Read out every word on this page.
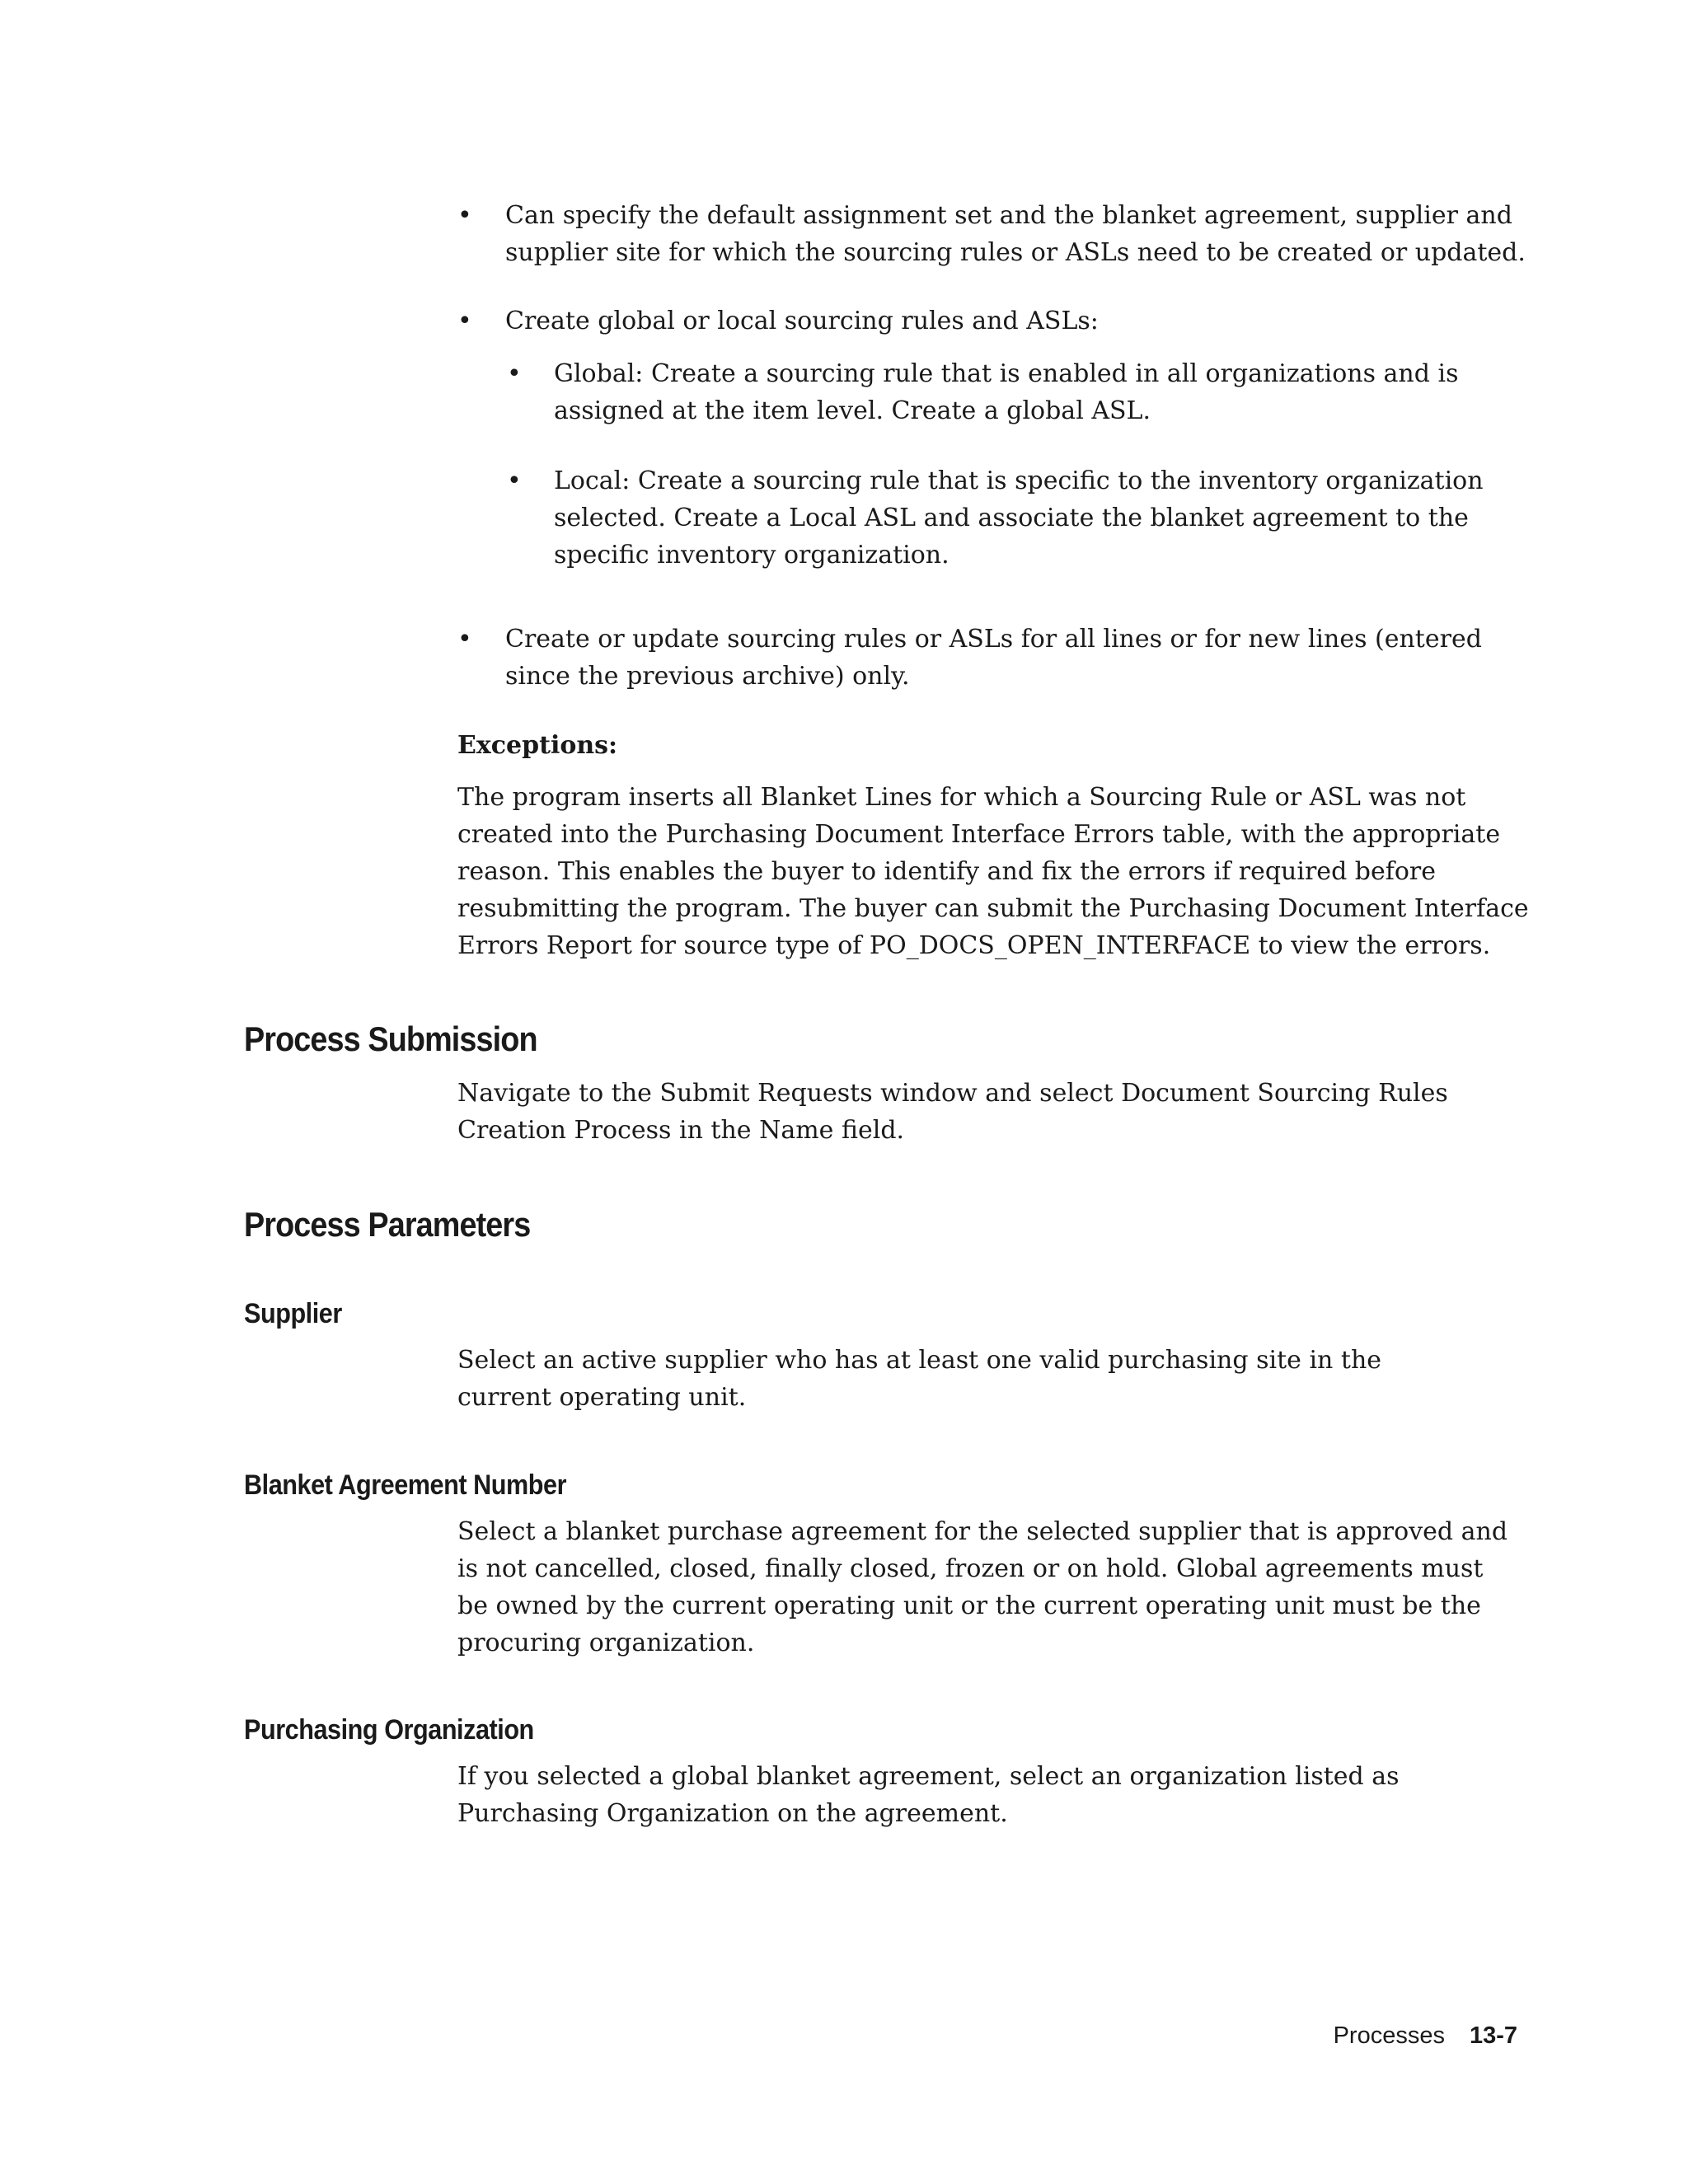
• Can specify the default assignment set and the blanket agreement, supplier and supplier site for which the sourcing rules or ASLs need to be created or updated.
• Create global or local sourcing rules and ASLs:
• Global: Create a sourcing rule that is enabled in all organizations and is assigned at the item level. Create a global ASL.
• Local: Create a sourcing rule that is specific to the inventory organization selected. Create a Local ASL and associate the blanket agreement to the specific inventory organization.
• Create or update sourcing rules or ASLs for all lines or for new lines (entered since the previous archive) only.
Exceptions:
The program inserts all Blanket Lines for which a Sourcing Rule or ASL was not created into the Purchasing Document Interface Errors table, with the appropriate reason. This enables the buyer to identify and fix the errors if required before resubmitting the program. The buyer can submit the Purchasing Document Interface Errors Report for source type of PO_DOCS_OPEN_INTERFACE to view the errors.
Process Submission
Navigate to the Submit Requests window and select Document Sourcing Rules Creation Process in the Name field.
Process Parameters
Supplier
Select an active supplier who has at least one valid purchasing site in the current operating unit.
Blanket Agreement Number
Select a blanket purchase agreement for the selected supplier that is approved and is not cancelled, closed, finally closed, frozen or on hold. Global agreements must be owned by the current operating unit or the current operating unit must be the procuring organization.
Purchasing Organization
If you selected a global blanket agreement, select an organization listed as Purchasing Organization on the agreement.
Processes 13-7
